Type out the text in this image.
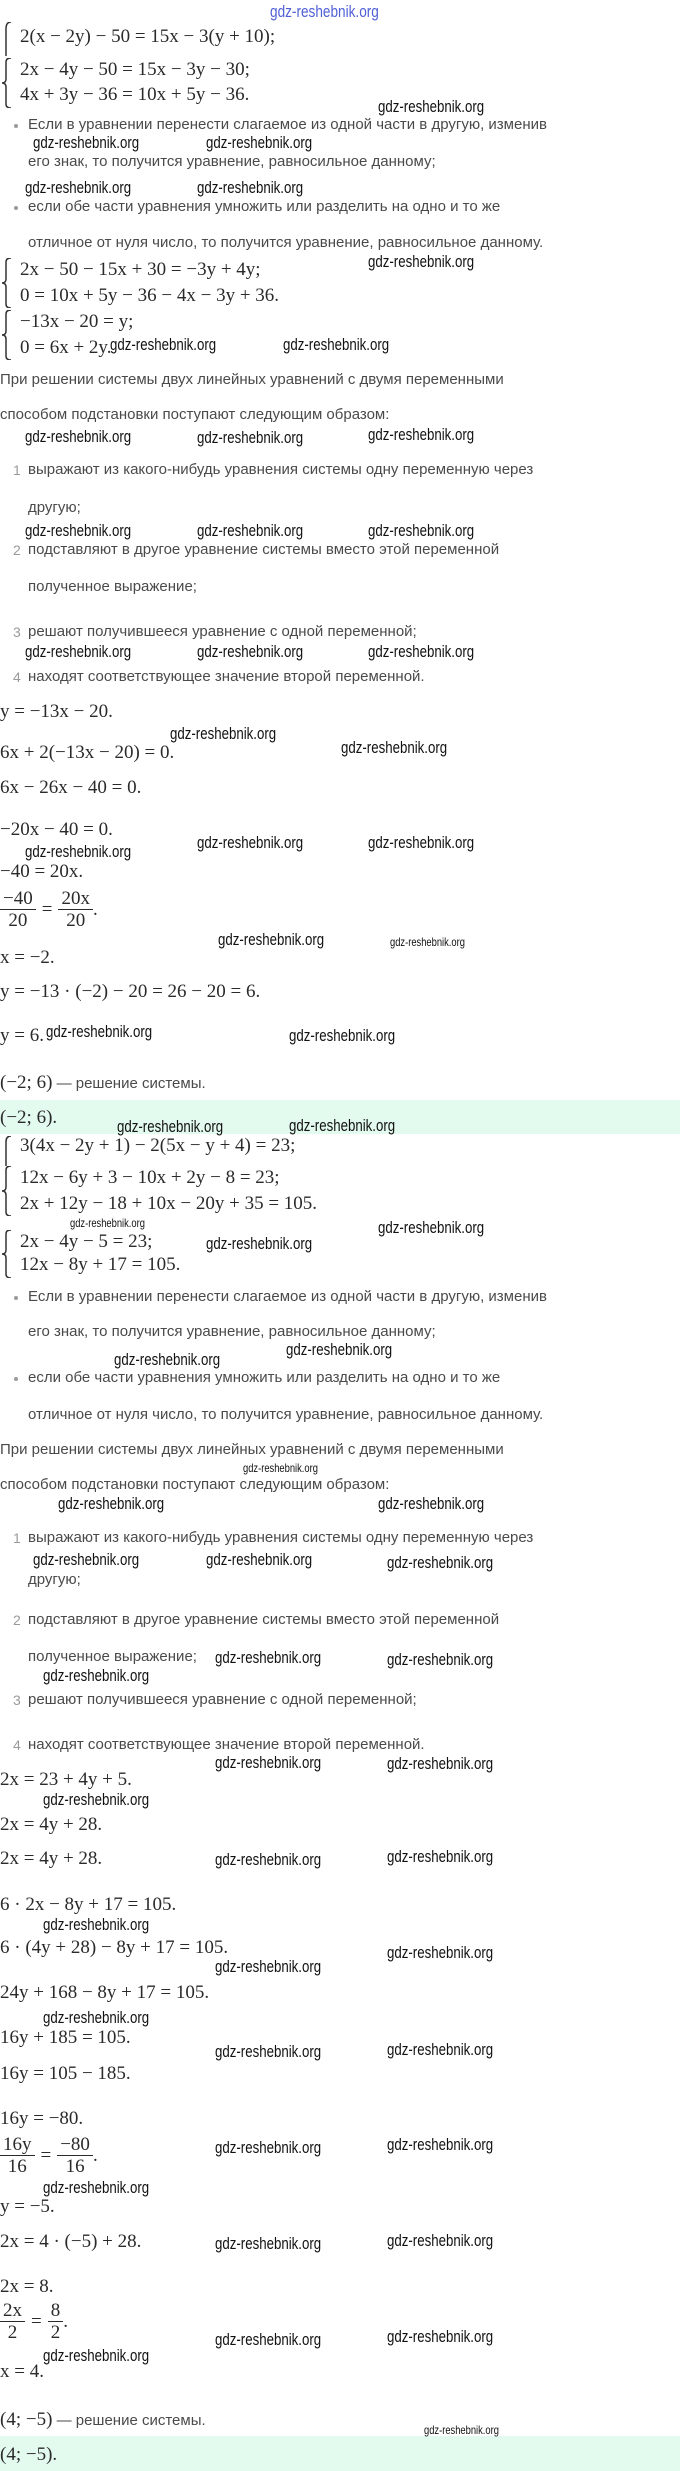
gdz-reshebnik.org
2(x − 2y) − 50 = 15x − 3(y + 10);
2x − 4y − 50 = 15x − 3y − 30;
4x + 3y − 36 = 10x + 5y − 36.
Если в уравнении перенести слагаемое из одной части в другую, изменив
его знак, то получится уравнение, равносильное данному;
если обе части уравнения умножить или разделить на одно и то же
отличное от нуля число, то получится уравнение, равносильное данному.
2x − 50 − 15x + 30 = −3y + 4y;
0 = 10x + 5y − 36 − 4x − 3y + 36.
−13x − 20 = y;
0 = 6x + 2y.
При решении системы двух линейных уравнений с двумя переменными
способом подстановки поступают следующим образом:
1 выражают из какого-нибудь уравнения системы одну переменную через
другую;
2 подставляют в другое уравнение системы вместо этой переменной
полученное выражение;
3 решают получившееся уравнение с одной переменной;
4 находят соответствующее значение второй переменной.
y = −13x − 20.
6x + 2(−13x − 20) = 0.
6x − 26x − 40 = 0.
−20x − 40 = 0.
−40 = 20x.
$\frac{-40}{20} = \frac{20x}{20}$ .
x = −2.
y = −13 · (−2) − 20 = 26 − 20 = 6.
y = 6.
(−2; 6) — решение системы.
(−2; 6).
3(4x − 2y + 1) − 2(5x − y + 4) = 23;
12x − 6y + 3 − 10x + 2y − 8 = 23;
2x + 12y − 18 + 10x − 20y + 35 = 105.
2x − 4y − 5 = 23;
12x − 8y + 17 = 105.
Если в уравнении перенести слагаемое из одной части в другую, изменив
его знак, то получится уравнение, равносильное данному;
если обе части уравнения умножить или разделить на одно и то же
отличное от нуля число, то получится уравнение, равносильное данному.
При решении системы двух линейных уравнений с двумя переменными
способом подстановки поступают следующим образом:
1 выражают из какого-нибудь уравнения системы одну переменную через
другую;
2 подставляют в другое уравнение системы вместо этой переменной
полученное выражение;
3 решают получившееся уравнение с одной переменной;
4 находят соответствующее значение второй переменной.
2x = 23 + 4y + 5.
2x = 4y + 28.
2x = 4y + 28.
6 · 2x − 8y + 17 = 105.
6 · (4y + 28) − 8y + 17 = 105.
24y + 168 − 8y + 17 = 105.
16y + 185 = 105.
16y = 105 − 185.
16y = −80.
$\frac{16y}{16} = \frac{-80}{16}$ .
y = −5.
2x = 4 · (−5) + 28.
2x = 8.
$\frac{2x}{2} = \frac{8}{2}$ .
x = 4.
(4; −5) — решение системы.
(4; −5).
gdz-reshebnik.org	gdz-reshebnik.org
gdz-reshebnik.org
gdz-reshebnik.org	gdz-reshebnik.org
gdz-reshebnik.org
gdz-reshebnik.org	gdz-reshebnik.org
gdz-reshebnik.org	gdz-reshebnik.org	gdz-reshebnik.org
gdz-reshebnik.org	gdz-reshebnik.org	gdz-reshebnik.org
gdz-reshebnik.org	gdz-reshebnik.org	gdz-reshebnik.org
gdz-reshebnik.org
gdz-reshebnik.org
gdz-reshebnik.org	gdz-reshebnik.org	gdz-reshebnik.org
gdz-reshebnik.org	gdz-reshebnik.org
gdz-reshebnik.org	gdz-reshebnik.org
gdz-reshebnik.org	gdz-reshebnik.org
gdz-reshebnik.org	gdz-reshebnik.org
gdz-reshebnik.org
gdz-reshebnik.org
gdz-reshebnik.org
gdz-reshebnik.org
gdz-reshebnik.org
gdz-reshebnik.org
gdz-reshebnik.org	gdz-reshebnik.org	gdz-reshebnik.org
gdz-reshebnik.org	gdz-reshebnik.org
gdz-reshebnik.org
gdz-reshebnik.org	gdz-reshebnik.org
gdz-reshebnik.org
gdz-reshebnik.org	gdz-reshebnik.org
gdz-reshebnik.org
gdz-reshebnik.org
gdz-reshebnik.org
gdz-reshebnik.org
gdz-reshebnik.org	gdz-reshebnik.org
gdz-reshebnik.org	gdz-reshebnik.org
gdz-reshebnik.org
gdz-reshebnik.org	gdz-reshebnik.org
gdz-reshebnik.org	gdz-reshebnik.org
gdz-reshebnik.org
gdz-reshebnik.org
